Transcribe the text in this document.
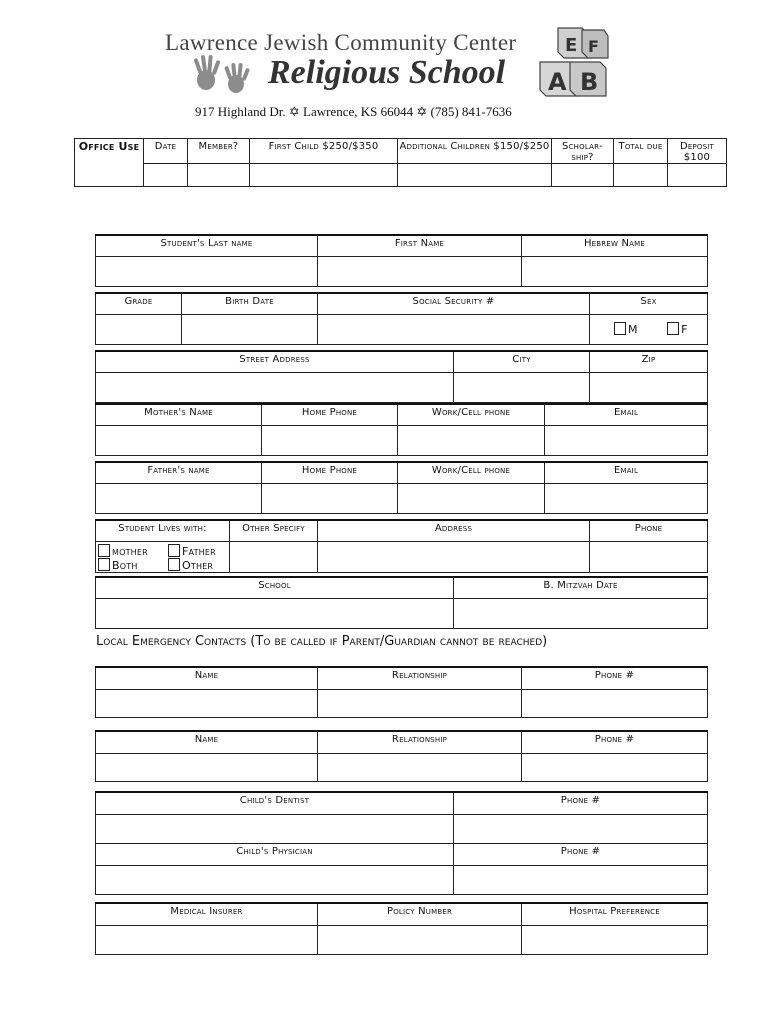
Lawrence Jewish Community Center
Religious School
E F
A B
917 Highland Dr. ✡ Lawrence, KS 66044 ✡ (785) 841-7636
Office Use	Date	Member?	First Child $250/$350	Additional Children $150/$250	Scholar-ship?	Total due	Deposit $100

Student's Last name	First Name	Hebrew Name

Grade	Birth Date	Social Security #	Sex
			M F
Street Address	City	Zip

Mother's Name	Home Phone	Work/Cell phone	Email

Father's name	Home Phone	Work/Cell phone	Email

Student Lives with:	Other Specify	Address	Phone

mother Father
Both Other			

School	B. Mitzvah Date

Local Emergency Contacts (To be called if Parent/Guardian cannot be reached)
Name	Relationship	Phone #

Name	Relationship	Phone #

Child's Dentist	Phone #

Child's Physician	Phone #

Medical Insurer	Policy Number	Hospital Preference
